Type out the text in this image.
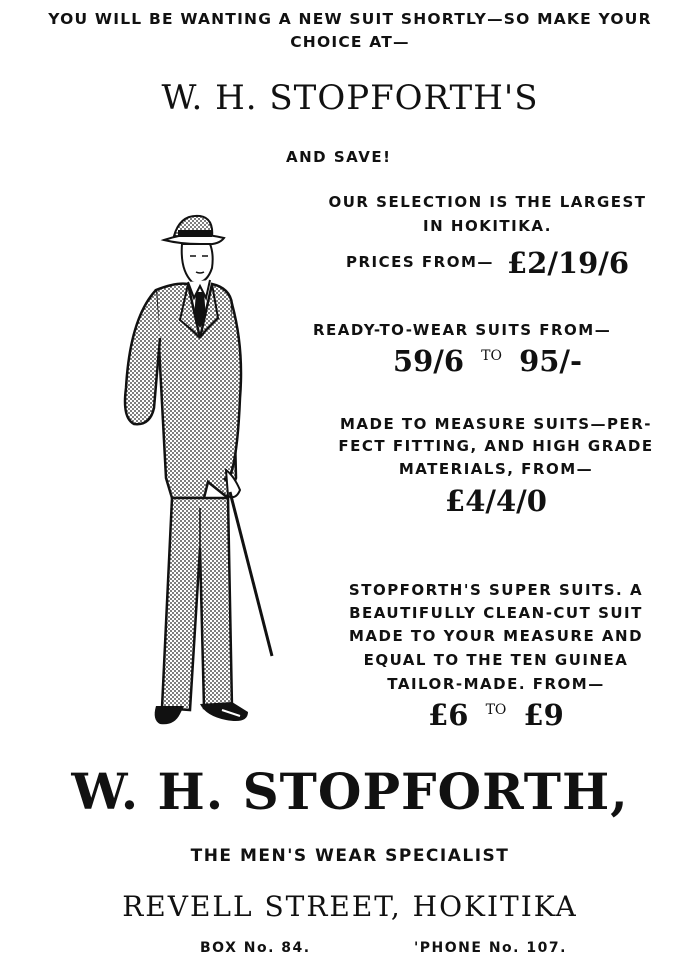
YOU WILL BE WANTING A NEW SUIT SHORTLY—SO MAKE YOUR
CHOICE AT—
W. H. STOPFORTH'S
AND SAVE!
OUR SELECTION IS THE LARGEST
IN HOKITIKA.
PRICES FROM— £2/19/6
READY-TO-WEAR SUITS FROM—
59/6 TO 95/-
MADE TO MEASURE SUITS—PER-
FECT FITTING, AND HIGH GRADE
MATERIALS, FROM—
£4/4/0
STOPFORTH'S SUPER SUITS. A
BEAUTIFULLY CLEAN-CUT SUIT
MADE TO YOUR MEASURE AND
EQUAL TO THE TEN GUINEA
TAILOR-MADE. FROM—
£6 TO £9
W. H. STOPFORTH,
THE MEN'S WEAR SPECIALIST
REVELL STREET, HOKITIKA
BOX No. 84.	'PHONE No. 107.
